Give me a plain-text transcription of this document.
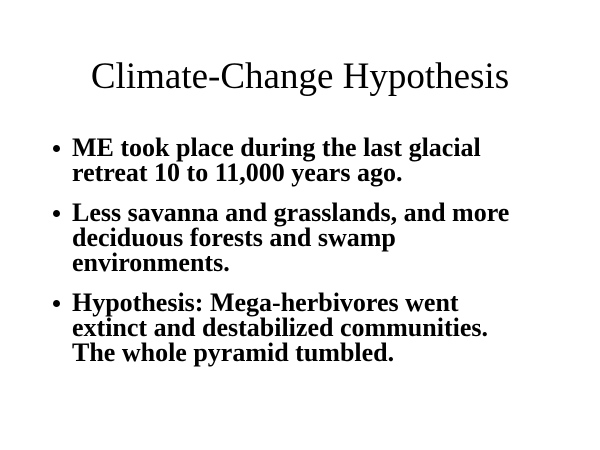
Climate-Change Hypothesis
ME took place during the last glacial retreat 10 to 11,000 years ago.
Less savanna and grasslands, and more deciduous forests and swamp environments.
Hypothesis: Mega-herbivores went extinct and destabilized communities. The whole pyramid tumbled.
